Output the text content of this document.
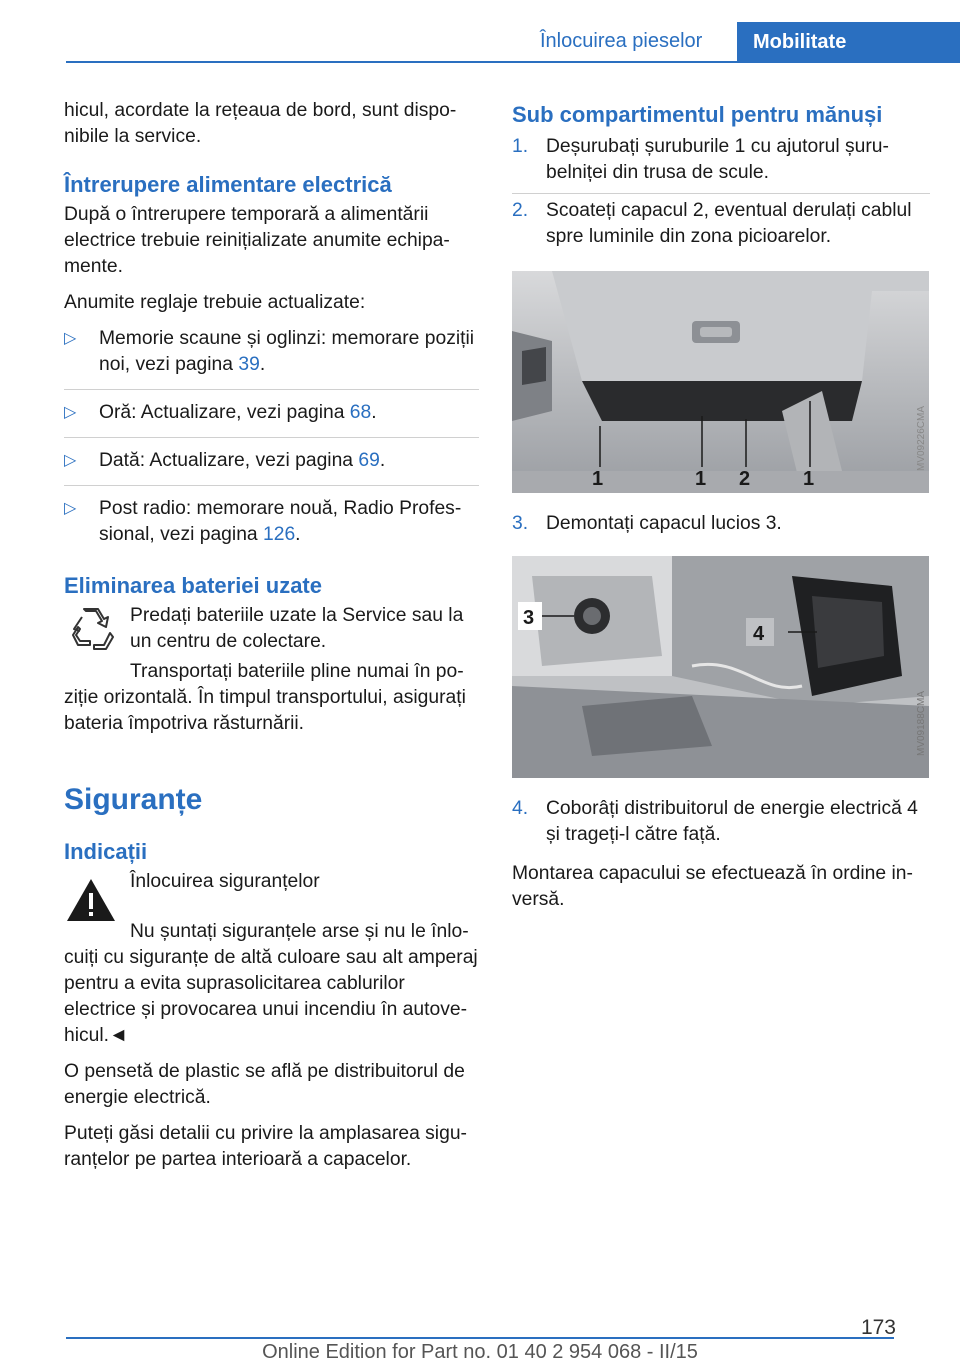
Înlocuirea pieselor	Mobilitate

hicul, acordate la rețeaua de bord, sunt disponibile la service.

Întrerupere alimentare electrică

După o întrerupere temporară a alimentării electrice trebuie reinițializate anumite echipamente.

Anumite reglaje trebuie actualizate:

▷ Memorie scaune și oglinzi: memorare poziții noi, vezi pagina 39.
▷ Oră: Actualizare, vezi pagina 68.
▷ Dată: Actualizare, vezi pagina 69.
▷ Post radio: memorare nouă, Radio Professional, vezi pagina 126.
Eliminarea bateriei uzate

Predați bateriile uzate la Service sau la un centru de colectare.

Transportați bateriile pline numai în poziție orizontală. În timpul transportului, asigurați bateria împotriva răsturnării.

Siguranțe
Indicații

Înlocuirea siguranțelor

Nu șuntați siguranțele arse și nu le înlocuiți cu siguranțe de altă culoare sau alt amperaj pentru a evita suprasolicitarea cablurilor electrice și provocarea unui incendiu în autovehicul.◄

O pensetă de plastic se află pe distribuitorul de energie electrică.

Puteți găsi detalii cu privire la amplasarea siguranțelor pe partea interioară a capacelor.

Sub compartimentul pentru mănuși
1. Deșurubați șuruburile 1 cu ajutorul șurubelniței din trusa de scule.
2. Scoateți capacul 2, eventual derulați cablul spre luminile din zona picioarelor.
1	1 2	1
MV09226CMA
3. Demontați capacul lucios 3.
3
4
MV09188CMA
4. Coborâți distribuitorul de energie electrică 4 și trageți-l către față.

Montarea capacului se efectuează în ordine inversă.

173
Online Edition for Part no. 01 40 2 954 068 - II/15
